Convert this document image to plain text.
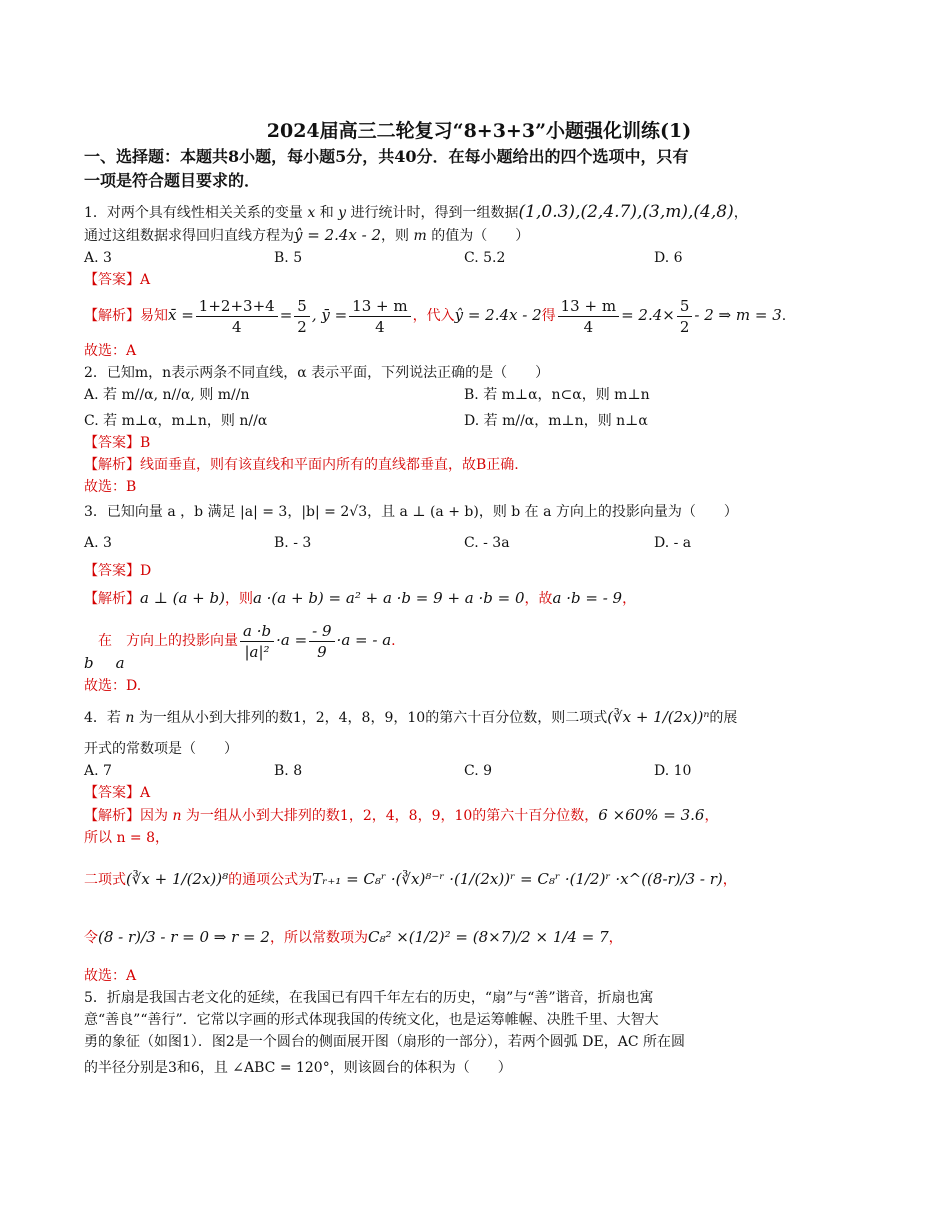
2024届高三二轮复习“8+3+3”小题强化训练(1)
一、选择题：本题共8小题，每小题5分，共40分．在每小题给出的四个选项中，只有
一项是符合题目要求的．
1．对两个具有线性相关关系的变量 x 和 y 进行统计时，得到一组数据(1,0.3),(2,4.7),(3,m),(4,8)，
通过这组数据求得回归直线方程为ŷ = 2.4x - 2，则 m 的值为（　　）
A. 3	B. 5	C. 5.2	D. 6
【答案】A
【解析】易知x̄ = $\frac{1+2+3+4}{4} = \frac{5}{2}$ , ȳ = $\frac{13 + m}{4}$ ，代入ŷ = 2.4x - 2得 $\frac{13 + m}{4} = 2.4\times \frac{5}{2} - 2$ ⇒ m = 3.
故选：A
2．已知m，n表示两条不同直线，α 表示平面，下列说法正确的是（　　）
A. 若 m//α, n//α, 则 m//n	B. 若 m⊥α，n⊂α，则 m⊥n
C. 若 m⊥α，m⊥n，则 n//α	D. 若 m//α，m⊥n，则 n⊥α
【答案】B
【解析】线面垂直，则有该直线和平面内所有的直线都垂直，故B正确.
故选：B
3．已知向量 a ，b 满足 |a| = 3，|b| = 2√3，且 a ⊥ (a + b)，则 b 在 a 方向上的投影向量为（　　）
A. 3	B. - 3	C. - 3a	D. - a
【答案】D
【解析】a ⊥ (a + b)，则a ·(a + b) = a² + a ·b = 9 + a ·b = 0，故a ·b = - 9，
在　方向上的投影向量 $\frac{a \cdot b}{\text{|a|²}} \cdot a = \frac{- 9}{9} \cdot a$ = - a.
b a
故选：D.
4．若 n 为一组从小到大排列的数1，2，4，8，9，10的第六十百分位数，则二项式(∛x + 1/(2x))ⁿ的展
开式的常数项是（　　）
A. 7	B. 8	C. 9	D. 10
【答案】A
【解析】因为 n 为一组从小到大排列的数1，2，4，8，9，10的第六十百分位数，6 ×60% = 3.6，
所以 n = 8，
二项式(∛x + 1/(2x))⁸的通项公式为Tᵣ₊₁ = C₈ʳ ·(∛x)⁸⁻ʳ ·(1/(2x))ʳ = C₈ʳ ·(1/2)ʳ ·x^((8-r)/3 - r)，
令(8 - r)/3 - r = 0 ⇒ r = 2，所以常数项为C₈² ×(1/2)² = (8×7)/2 × 1/4 = 7，
故选：A
5．折扇是我国古老文化的延续，在我国已有四千年左右的历史，“扇”与“善”谐音，折扇也寓
意“善良”“善行”．它常以字画的形式体现我国的传统文化，也是运筹帷幄、决胜千里、大智大
勇的象征（如图1）．图2是一个圆台的侧面展开图（扇形的一部分），若两个圆弧 DE，AC 所在圆
的半径分别是3和6，且 ∠ABC = 120°，则该圆台的体积为（　　）
